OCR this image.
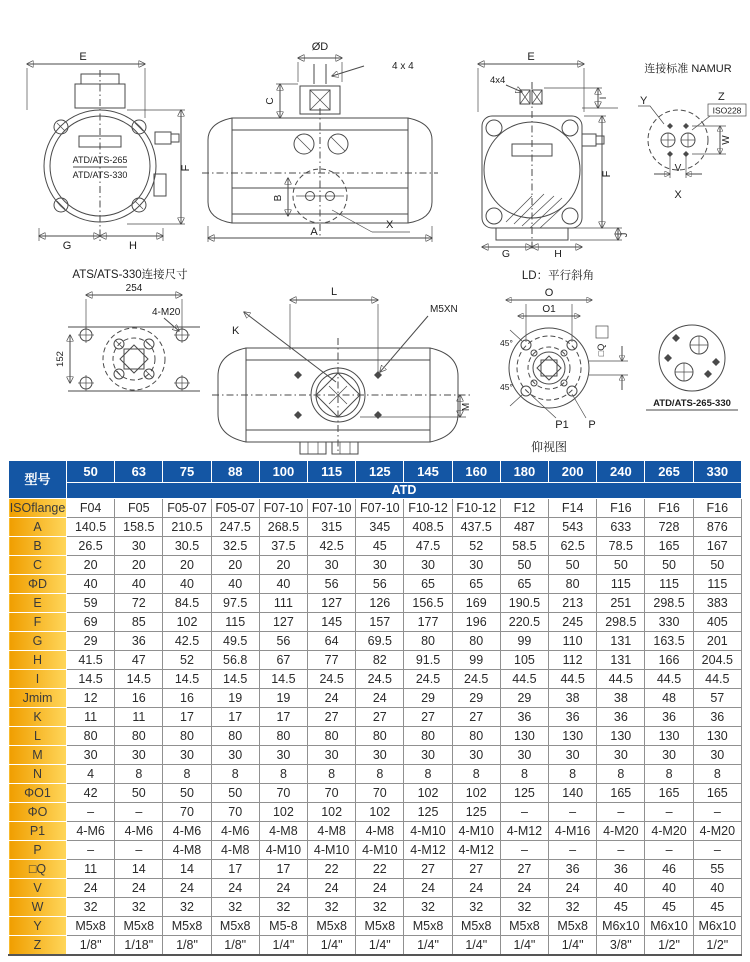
E
ATD/ATS-265
ATD/ATS-330
F
G	H
ØD
4 x 4
C
B
A
X
E
4x4
I
F
J
G	H
连接标准 NAMUR
Y	Z
ISO228
W
V
X
ATS/ATS-330连接尺寸
254
4-M20
152
L
K
M5XN
M
LD：平行斜角
O
O1
45°
45°
□Q
P1 P
仰视图
ATD/ATS-265-330
型号	50	63	75	88	100	115	125	145	160	180	200	240	265	330
	ATD													
ISOflange	F04	F05	F05-07	F05-07	F07-10	F07-10	F07-10	F10-12	F10-12	F12	F14	F16	F16	F16
A	140.5	158.5	210.5	247.5	268.5	315	345	408.5	437.5	487	543	633	728	876
B	26.5	30	30.5	32.5	37.5	42.5	45	47.5	52	58.5	62.5	78.5	165	167
C	20	20	20	20	20	30	30	30	30	50	50	50	50	50
ΦD	40	40	40	40	40	56	56	65	65	65	80	115	115	115
E	59	72	84.5	97.5	111	127	126	156.5	169	190.5	213	251	298.5	383
F	69	85	102	115	127	145	157	177	196	220.5	245	298.5	330	405
G	29	36	42.5	49.5	56	64	69.5	80	80	99	110	131	163.5	201
H	41.5	47	52	56.8	67	77	82	91.5	99	105	112	131	166	204.5
I	14.5	14.5	14.5	14.5	14.5	24.5	24.5	24.5	24.5	44.5	44.5	44.5	44.5	44.5
Jmim	12	16	16	19	19	24	24	29	29	29	38	38	48	57
K	11	11	17	17	17	27	27	27	27	36	36	36	36	36
L	80	80	80	80	80	80	80	80	80	130	130	130	130	130
M	30	30	30	30	30	30	30	30	30	30	30	30	30	30
N	4	8	8	8	8	8	8	8	8	8	8	8	8	8
ΦO1	42	50	50	50	70	70	70	102	102	125	140	165	165	165
ΦO	–	–	70	70	102	102	102	125	125	–	–	–	–	–
P1	4-M6	4-M6	4-M6	4-M6	4-M8	4-M8	4-M8	4-M10	4-M10	4-M12	4-M16	4-M20	4-M20	4-M20
P	–	–	4-M8	4-M8	4-M10	4-M10	4-M10	4-M12	4-M12	–	–	–	–	–
□Q	11	14	14	17	17	22	22	27	27	27	36	36	46	55
V	24	24	24	24	24	24	24	24	24	24	24	40	40	40
W	32	32	32	32	32	32	32	32	32	32	32	45	45	45
Y	M5x8	M5x8	M5x8	M5x8	M5-8	M5x8	M5x8	M5x8	M5x8	M5x8	M5x8	M6x10	M6x10	M6x10
Z	1/8"	1/18"	1/8"	1/8"	1/4"	1/4"	1/4"	1/4"	1/4"	1/4"	1/4"	3/8"	1/2"	1/2"
